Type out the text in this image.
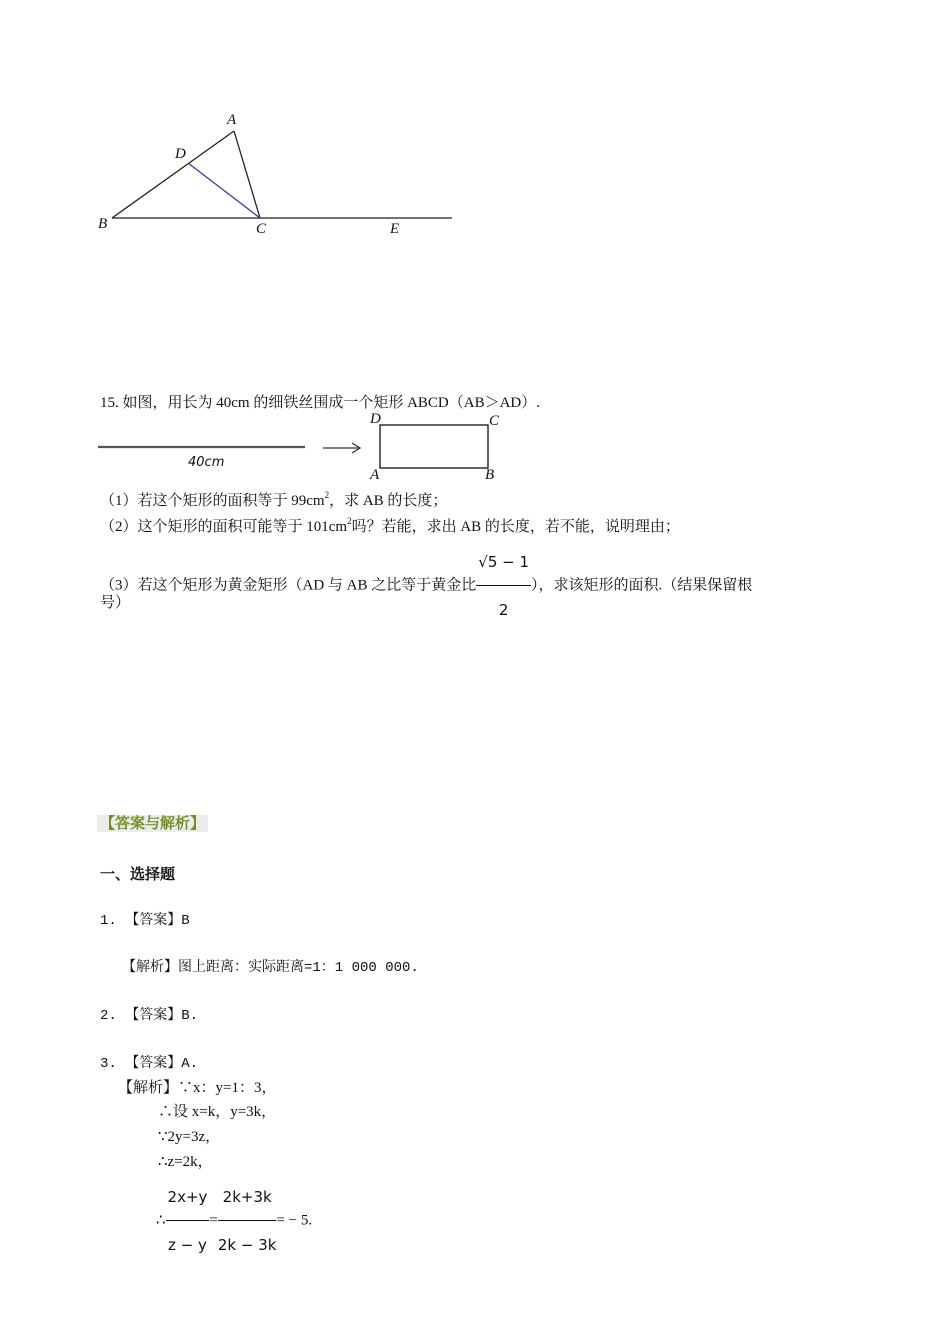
A
D
B	C	E
15. 如图，用长为 40cm 的细铁丝围成一个矩形 ABCD（AB＞AD）.
40cm
D	C
A	B
（1）若这个矩形的面积等于 $99cm^2$，求 AB 的长度；
（2）这个矩形的面积可能等于 $101cm^2$吗？若能，求出 AB 的长度，若不能，说明理由；
（3）若这个矩形为黄金矩形（AD 与 AB 之比等于黄金比 $\frac{√5 - 1}{2}$ ），求该矩形的面积.（结果保留根
号）
【答案与解析】
一、选择题
1. 【答案】B
【解析】图上距离：实际距离=1：1 000 000.
2. 【答案】B.
3. 【答案】A.
【解析】∵x：y=1：3，
∴设 x=k，y=3k，
∵2y=3z，
∴z=2k，
∴ $\frac{2x+y}{z - y} = \frac{2k+3k}{2k - 3k}$ = − 5.
